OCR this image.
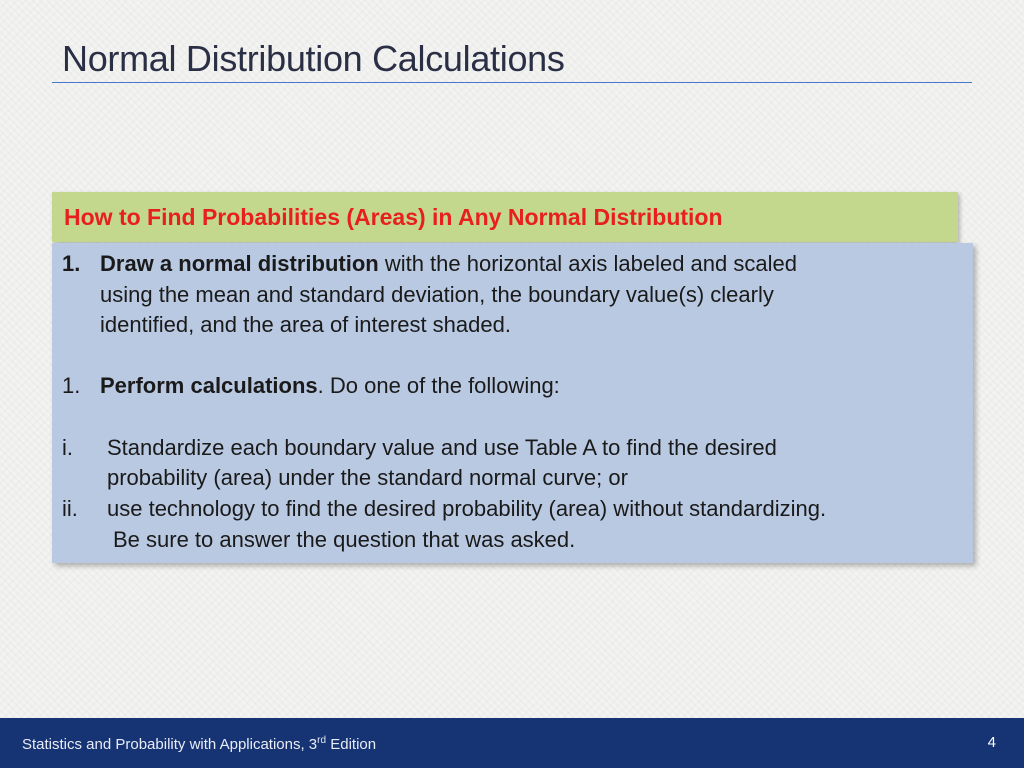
Normal Distribution Calculations
How to Find Probabilities (Areas) in Any Normal Distribution
1. Draw a normal distribution with the horizontal axis labeled and scaled
using the mean and standard deviation, the boundary value(s) clearly
identified, and the area of interest shaded.
1. Perform calculations. Do one of the following:
i. Standardize each boundary value and use Table A to find the desired
probability (area) under the standard normal curve; or
ii. use technology to find the desired probability (area) without standardizing.
Be sure to answer the question that was asked.
Statistics and Probability with Applications, 3rd Edition	4
